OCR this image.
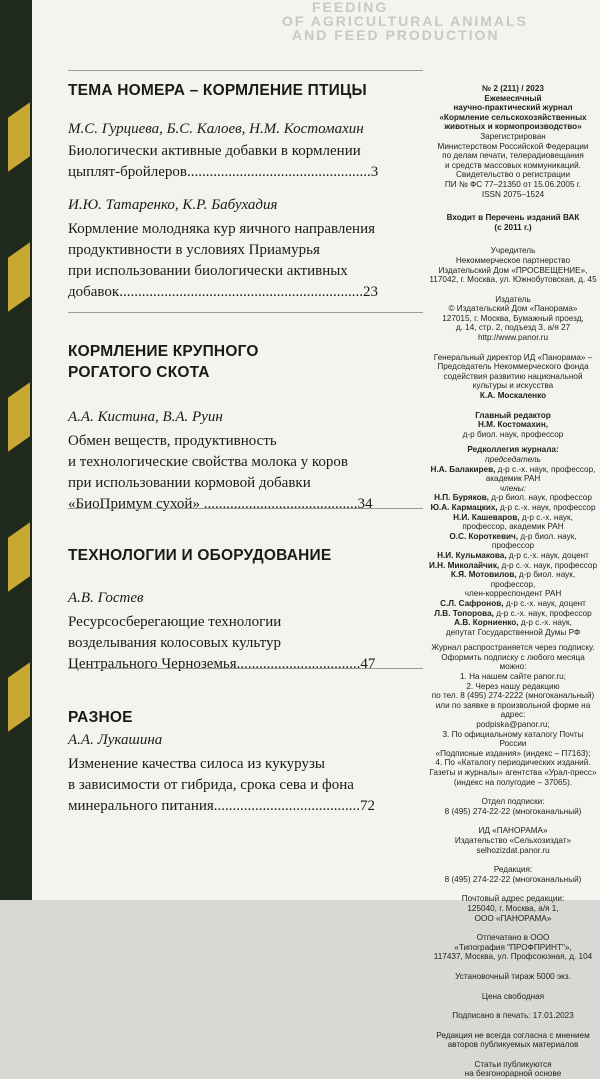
FEEDING
OF AGRICULTURAL ANIMALS
AND FEED PRODUCTION

ТЕМА НОМЕРА – КОРМЛЕНИЕ ПТИЦЫ

М.С. Гурциева, Б.С. Калоев, Н.М. Костомахин

Биологически активные добавки в кормлении

цыплят-бройлеров.................................................3

И.Ю. Татаренко, К.Р. Бабухадия

Кормление молодняка кур яичного направления

продуктивности в условиях Приамурья

при использовании биологически активных

добавок.................................................................23

КОРМЛЕНИЕ КРУПНОГО

РОГАТОГО СКОТА

А.А. Кистина, В.А. Руин

Обмен веществ, продуктивность

и технологические свойства молока у коров

при использовании кормовой добавки

«БиоПримум сухой» .........................................34

ТЕХНОЛОГИИ И ОБОРУДОВАНИЕ

А.В. Гостев

Ресурсосберегающие технологии

возделывания колосовых культур

Центрального Черноземья.................................47

РАЗНОЕ

А.А. Лукашина

Изменение качества силоса из кукурузы

в зависимости от гибрида, срока сева и фона

минерального питания.......................................72

№ 2 (211) / 2023

Ежемесячный

научно-практический журнал

«Кормление сельскохозяйственных

животных и кормопроизводство»

Зарегистрирован

Министерством Российской Федерации

по делам печати, телерадиовещания

и средств массовых коммуникаций.

Свидетельство о регистрации

ПИ № ФС 77–21350 от 15.06.2005 г.

ISSN 2075–1524

Входит в Перечень изданий ВАК

(с 2011 г.)

Учредитель

Некоммерческое партнерство

Издательский Дом «ПРОСВЕЩЕНИЕ»,

117042, г. Москва, ул. Южнобутовская, д. 45

Издатель

© Издательский Дом «Панорама»

127015, г. Москва, Бумажный проезд,

д. 14, стр. 2, подъезд 3, а/я 27

http://www.panor.ru

Генеральный директор ИД «Панорама» –

Председатель Некоммерческого фонда

содействия развитию национальной

культуры и искусства

К.А. Москаленко

Главный редактор

Н.М. Костомахин,

д-р биол. наук, профессор

Редколлегия журнала:

председатель

Н.А. Балакирев, д-р с.-х. наук, профессор,

академик РАН

члены:

Н.П. Буряков, д-р биол. наук, профессор

Ю.А. Кармацких, д-р с.-х. наук, профессор

Н.И. Кашеваров, д-р с.-х. наук,

профессор, академик РАН

О.С. Короткевич, д-р биол. наук, профессор

Н.И. Кульмакова, д-р с.-х. наук, доцент

И.Н. Миколайчик, д-р с.-х. наук, профессор

К.Я. Мотовилов, д-р биол. наук, профессор,

член-корреспондент РАН

С.Л. Сафронов, д-р с.-х. наук, доцент

Л.В. Топорова, д-р с.-х. наук, профессор

А.В. Корниенко, д-р с.-х. наук,

депутат Государственной Думы РФ

Журнал распространяется через подписку.

Оформить подписку с любого месяца можно:

1. На нашем сайте panor.ru;

2. Через нашу редакцию

по тел. 8 (495) 274-2222 (многоканальный)

или по заявке в произвольной форме на адрес:

podpiska@panor.ru;

3. По официальному каталогу Почты России

«Подписные издания» (индекс – П7163);

4. По «Каталогу периодических изданий.

Газеты и журналы» агентства «Урал-пресс»

(индекс на полугодие – 37065).

Отдел подписки:

8 (495) 274-22-22 (многоканальный)

ИД «ПАНОРАМА»

Издательство «Сельхозиздат»

selhozizdat.panor.ru

Редакция:

8 (495) 274-22-22 (многоканальный)

Почтовый адрес редакции:

125040, г. Москва, а/я 1,

ООО «ПАНОРАМА»

Отпечатано в ООО

«Типография "ПРОФПРИНТ"»,

117437, Москва, ул. Профсоюзная, д. 104

Установочный тираж 5000 экз.

Цена свободная

Подписано в печать: 17.01.2023

Редакция не всегда согласна с мнением

авторов публикуемых материалов

Статьи публикуются

на безгонорарной основе
